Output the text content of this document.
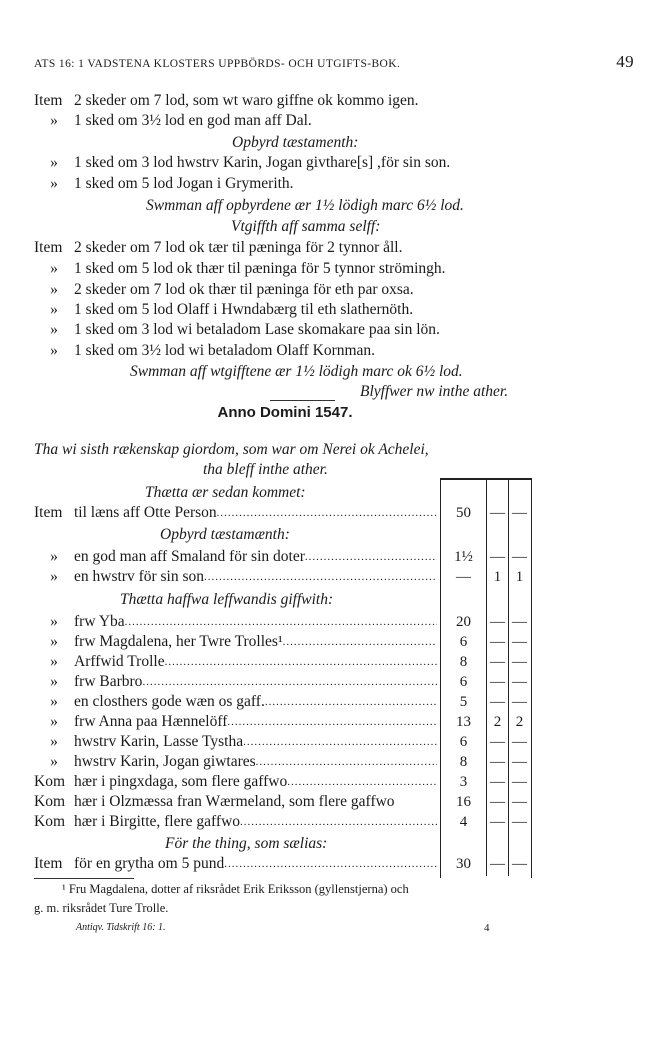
ATS 16: 1 VADSTENA KLOSTERS UPPBÖRDS- OCH UTGIFTS-BOK.	49
Item 2 skeder om 7 lod, som wt waro giffne ok kommo igen.
» 1 sked om 3½ lod en god man aff Dal.
Opbyrd tæstamenth:
» 1 sked om 3 lod hwstrv Karin, Jogan givthare[s] ,för sin son.
» 1 sked om 5 lod Jogan i Grymerith.
Swmman aff opbyrdene ær 1½ lödigh marc 6½ lod.
Vtgiffth aff samma selff:
Item 2 skeder om 7 lod ok tær til pæninga för 2 tynnor åll.
» 1 sked om 5 lod ok thær til pæninga för 5 tynnor strömingh.
» 2 skeder om 7 lod ok thær til pæninga för eth par oxsa.
» 1 sked om 5 lod Olaff i Hwndabærg til eth slathernöth.
» 1 sked om 3 lod wi betaladom Lase skomakare paa sin lön.
» 1 sked om 3½ lod wi betaladom Olaff Kornman.
Swmman aff wtgifftene ær 1½ lödigh marc ok 6½ lod.
Blyffwer nw inthe ather.
Anno Domini 1547.
Tha wi sisth rækenskap giordom, som war om Nerei ok Achelei,
tha bleff inthe ather.
Thætta ær sedan kommet:
Item til læns aff Otte Person .....	50	— —
Opbyrd tæstamænth:
»	en god man aff Smaland för sin doter .....	1½	— —
»	en hwstrv för sin son .....	—	1 1
Thætta haffwa leffwandis giffwith:
»	frw Yba .....	20	— —
»	frw Magdalena, her Twre Trolles¹ .....	6	— —
»	Arffwid Trolle .....	8	— —
»	frw Barbro .....	6	— —
»	en closthers gode wæn os gaff. .....	5	— —
»	frw Anna paa Hænnelöff .....	13	2 2
»	hwstrv Karin, Lasse Tystha .....	6	— —
»	hwstrv Karin, Jogan giwtares .....	8	— —
Kom hær i pingxdaga, som flere gaffwo .....	3	— —
Kom hær i Olzmæssa fran Wærmeland, som flere gaffwo	16	— —
Kom hær i Birgitte, flere gaffwo .....	4	— —
För the thing, som sælias:
Item för en grytha om 5 pund .....	30	— —
¹ Fru Magdalena, dotter af riksrådet Erik Eriksson (gyllenstjerna) och
g. m. riksrådet Ture Trolle.
Antiqv. Tidskrift 16: 1.	4
